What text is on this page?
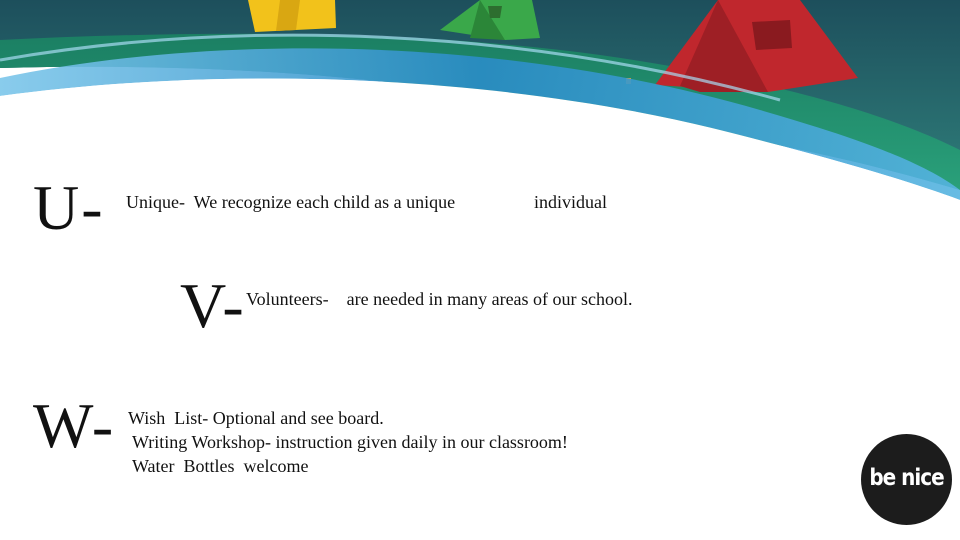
U- Unique-  We recognize each child as a unique	individual
V- Volunteers-    are needed in many areas of our school.
W- Wish  List- Optional and see board.
Writing Workshop- instruction given daily in our classroom!
Water  Bottles  welcome	be nice
